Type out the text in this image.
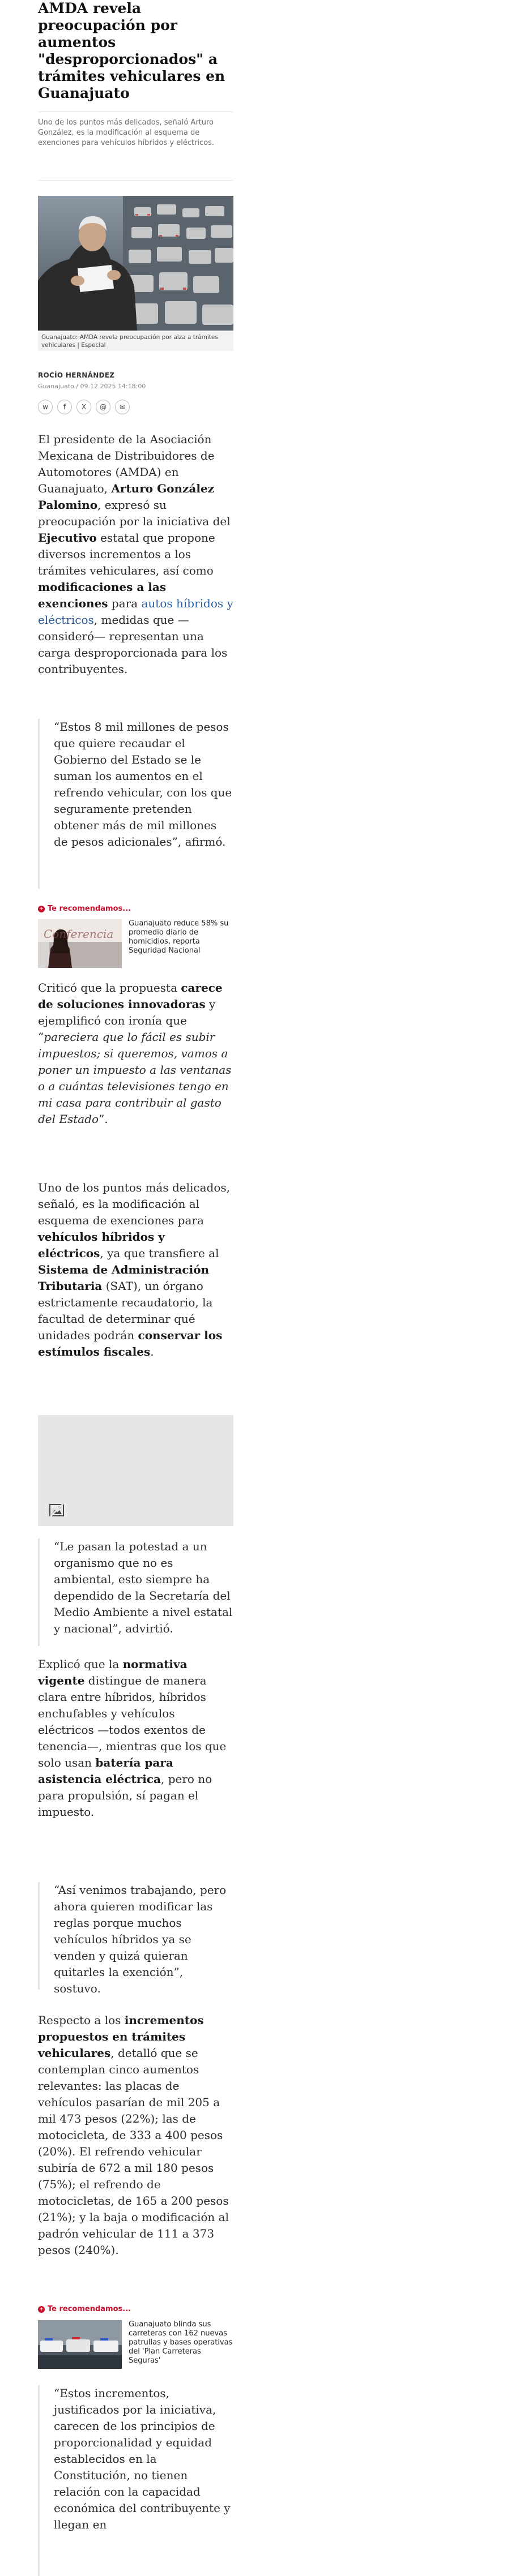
AMDA revela preocupación por aumentos "desproporcionados" a trámites vehiculares en Guanajuato

Uno de los puntos más delicados, señaló Arturo González, es la modificación al esquema de exenciones para vehículos híbridos y eléctricos.

Guanajuato: AMDA revela preocupación por alza a trámites vehiculares | Especial
ROCÍO HERNÁNDEZ
Guanajuato / 09.12.2025 14:18:00
w f X @ ✉

El presidente de la Asociación Mexicana de Distribuidores de Automotores (AMDA) en Guanajuato, Arturo González Palomino, expresó su preocupación por la iniciativa del Ejecutivo estatal que propone diversos incrementos a los trámites vehiculares, así como modificaciones a las exenciones para autos híbridos y eléctricos, medidas que —consideró— representan una carga desproporcionada para los contribuyentes.

“Estos 8 mil millones de pesos que quiere recaudar el Gobierno del Estado se le suman los aumentos en el refrendo vehicular, con los que seguramente pretenden obtener más de mil millones de pesos adicionales”, afirmó.
+ Te recomendamos...
Conferencia
Guanajuato reduce 58% su promedio diario de homicidios, reporta Seguridad Nacional

Criticó que la propuesta carece de soluciones innovadoras y ejemplificó con ironía que “pareciera que lo fácil es subir impuestos; si queremos, vamos a poner un impuesto a las ventanas o a cuántas televisiones tengo en mi casa para contribuir al gasto del Estado”.

Uno de los puntos más delicados, señaló, es la modificación al esquema de exenciones para vehículos híbridos y eléctricos, ya que transfiere al Sistema de Administración Tributaria (SAT), un órgano estrictamente recaudatorio, la facultad de determinar qué unidades podrán conservar los estímulos fiscales.

“Le pasan la potestad a un organismo que no es ambiental, esto siempre ha dependido de la Secretaría del Medio Ambiente a nivel estatal y nacional”, advirtió.

Explicó que la normativa vigente distingue de manera clara entre híbridos, híbridos enchufables y vehículos eléctricos —todos exentos de tenencia—, mientras que los que solo usan batería para asistencia eléctrica, pero no para propulsión, sí pagan el impuesto.

“Así venimos trabajando, pero ahora quieren modificar las reglas porque muchos vehículos híbridos ya se venden y quizá quieran quitarles la exención”, sostuvo.

Respecto a los incrementos propuestos en trámites vehiculares, detalló que se contemplan cinco aumentos relevantes: las placas de vehículos pasarían de mil 205 a mil 473 pesos (22%); las de motocicleta, de 333 a 400 pesos (20%). El refrendo vehicular subiría de 672 a mil 180 pesos (75%); el refrendo de motocicletas, de 165 a 200 pesos (21%); y la baja o modificación al padrón vehicular de 111 a 373 pesos (240%).

+ Te recomendamos...
Guanajuato blinda sus carreteras con 162 nuevas patrullas y bases operativas del 'Plan Carreteras Seguras'
“Estos incrementos, justificados por la iniciativa, carecen de los principios de proporcionalidad y equidad establecidos en la Constitución, no tienen relación con la capacidad económica del contribuyente y llegan en
